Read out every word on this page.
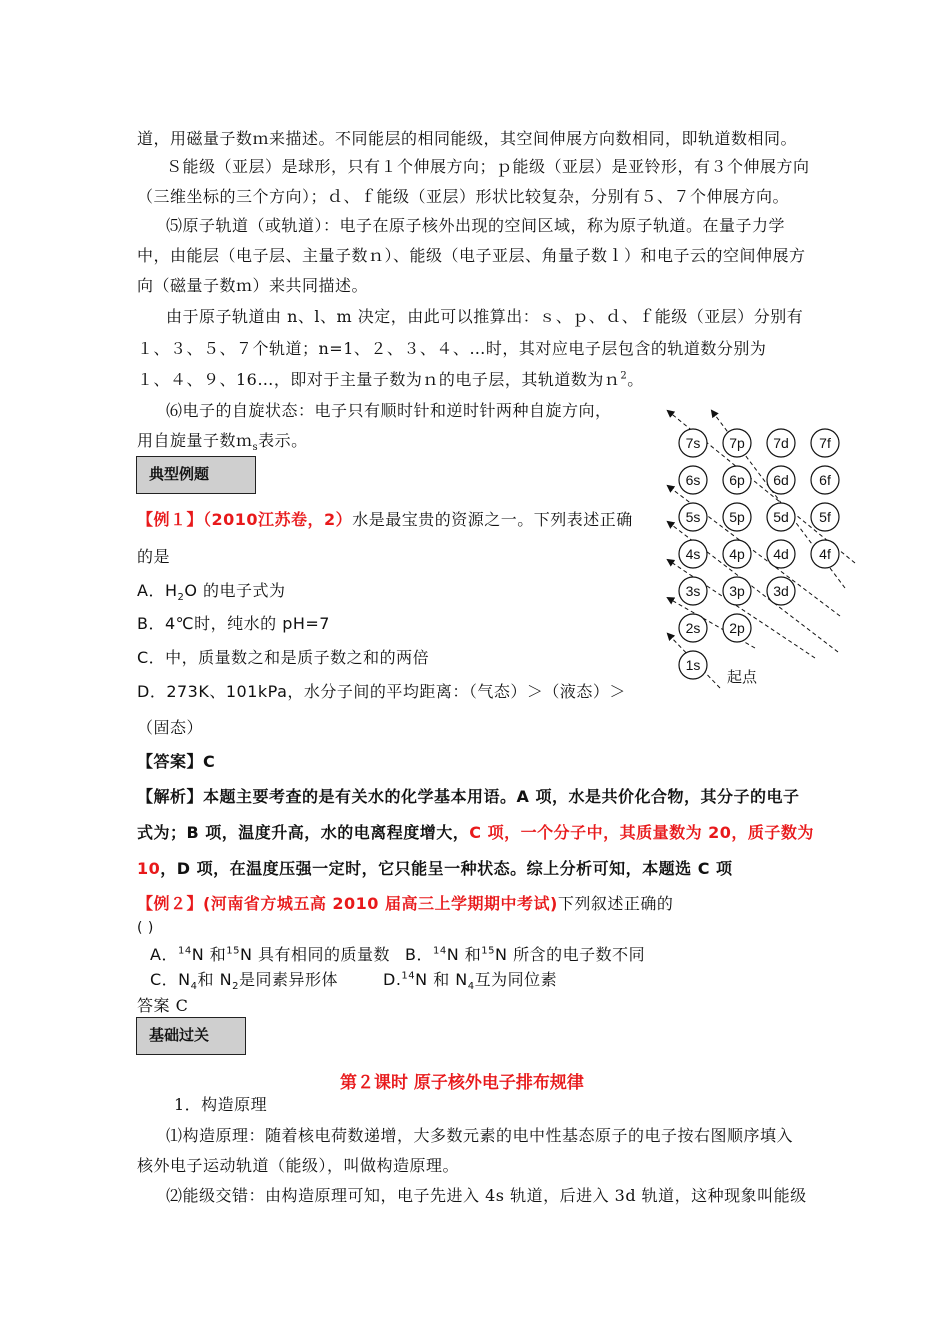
道，用磁量子数ｍ来描述。不同能层的相同能级，其空间伸展方向数相同，即轨道数相同。
Ｓ能级（亚层）是球形，只有１个伸展方向；ｐ能级（亚层）是亚铃形，有３个伸展方向
（三维坐标的三个方向）；ｄ、ｆ能级（亚层）形状比较复杂，分别有５、７个伸展方向。
⑸原子轨道（或轨道）：电子在原子核外出现的空间区域，称为原子轨道。在量子力学
中，由能层（电子层、主量子数ｎ）、能级（电子亚层、角量子数ｌ）和电子云的空间伸展方
向（磁量子数ｍ）来共同描述。
由于原子轨道由 n、l、m 决定，由此可以推算出：ｓ、ｐ、ｄ、ｆ能级（亚层）分别有
１、３、５、７个轨道；n=1、２、３、４、…时，其对应电子层包含的轨道数分别为
１、４、９、16…，即对于主量子数为ｎ的电子层，其轨道数为ｎ$^2$。
⑹电子的自旋状态：电子只有顺时针和逆时针两种自旋方向，
用自旋量子数ｍ$_s$表示。
典型例题
【例１】（2010江苏卷，2）水是最宝贵的资源之一。下列表述正确
的是
A．$H_2O$ 的电子式为
B．4℃时，纯水的 pH=7
C．中，质量数之和是质子数之和的两倍
D．273K、101kPa，水分子间的平均距离：（气态）＞（液态）＞
（固态）
【答案】C
【解析】本题主要考查的是有关水的化学基本用语。A 项，水是共价化合物，其分子的电子
式为；B 项，温度升高，水的电离程度增大，C 项，一个分子中，其质量数为 20，质子数为
10，D 项，在温度压强一定时，它只能呈一种状态。综上分析可知，本题选 C 项
【例２】(河南省方城五高 2010 届高三上学期期中考试)下列叙述正确的
( )
A．$^{14}$N 和$^{15}$N 具有相同的质量数 B．$^{14}$N 和$^{15}$N 所含的电子数不同
C．$N_4$和 $N_2$是同素异形体	D.$^{14}$N 和 $N_4$互为同位素
答案 C
基础过关
第２课时 原子核外电子排布规律
1．构造原理
⑴构造原理：随着核电荷数递增，大多数元素的电中性基态原子的电子按右图顺序填入
核外电子运动轨道（能级），叫做构造原理。
⑵能级交错：由构造原理可知，电子先进入 4s 轨道，后进入 3d 轨道，这种现象叫能级
7s 7p 7d 7f
6s 6p 6d 6f
5s 5p 5d 5f
4s 4p 4d 4f
3s 3p 3d
2s 2p
1s
起点
